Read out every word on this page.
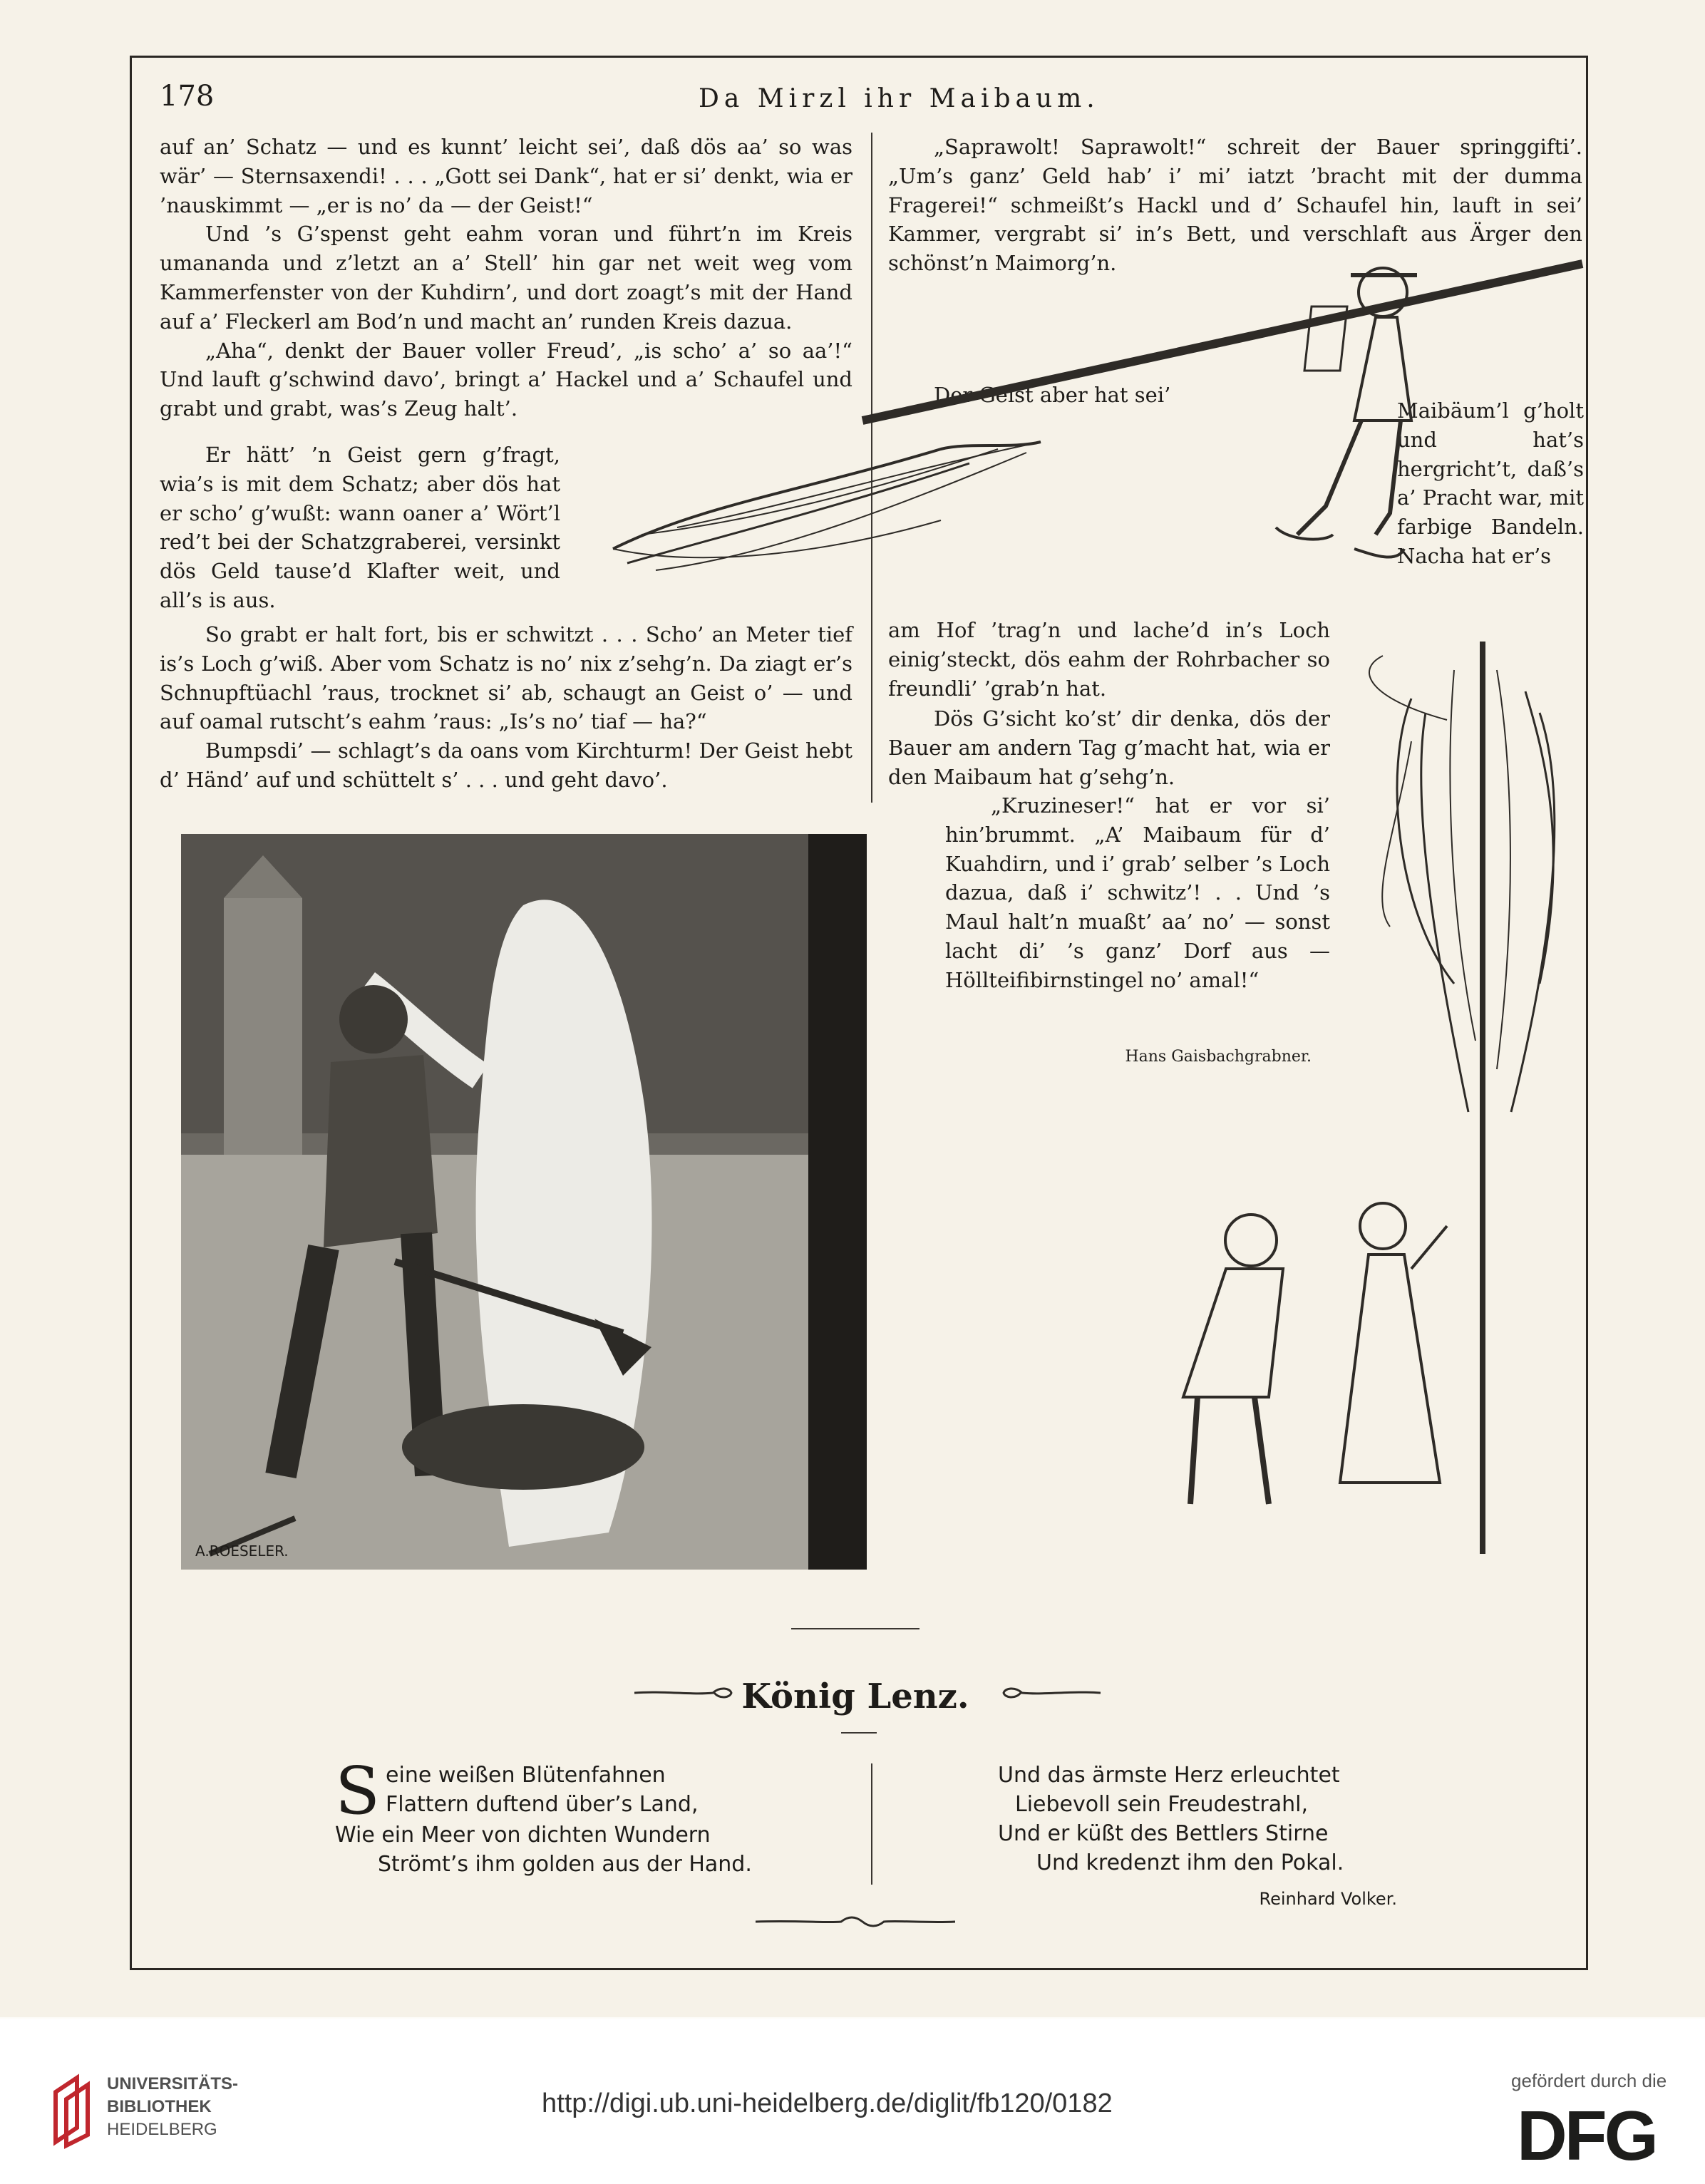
178	Da Mirzl ihr Maibaum.

auf an’ Schatz — und es kunnt’ leicht sei’, daß dös aa’ so was wär’ — Sternsaxendi! . . . „Gott sei Dank“, hat er si’ denkt, wia er ’nauskimmt — „er is no’ da — der Geist!“

Und ’s G’spenst geht eahm voran und führt’n im Kreis umananda und z’letzt an a’ Stell’ hin gar net weit weg vom Kammerfenster von der Kuhdirn’, und dort zoagt’s mit der Hand auf a’ Fleckerl am Bod’n und macht an’ runden Kreis dazua.

„Aha“, denkt der Bauer voller Freud’, „is scho’ a’ so aa’!“ Und lauft g’schwind davo’, bringt a’ Hackel und a’ Schaufel und grabt und grabt, was’s Zeug halt’.

Er hätt’ ’n Geist gern g’fragt, wia’s is mit dem Schatz; aber dös hat er scho’ g’wußt: wann oaner a’ Wört’l red’t bei der Schatzgraberei, versinkt dös Geld tause’d Klafter weit, und all’s is aus.

So grabt er halt fort, bis er schwitzt . . . Scho’ an Meter tief is’s Loch g’wiß. Aber vom Schatz is no’ nix z’sehg’n. Da ziagt er’s Schnupftüachl ’raus, trocknet si’ ab, schaugt an Geist o’ — und auf oamal rutscht’s eahm ’raus: „Is’s no’ tiaf — ha?“

Bumpsdi’ — schlagt’s da oans vom Kirchturm! Der Geist hebt d’ Händ’ auf und schüttelt s’ . . . und geht davo’.

„Saprawolt! Saprawolt!“ schreit der Bauer springgifti’. „Um’s ganz’ Geld hab’ i’ mi’ iatzt ’bracht mit der dumma Fragerei!“ schmeißt’s Hackl und d’ Schaufel hin, lauft in sei’ Kammer, vergrabt si’ in’s Bett, und verschlaft aus Ärger den schönst’n Maimorg’n.
Der Geist aber hat sei’
Maibäum’l g’holt und hat’s hergricht’t, daß’s a’ Pracht war, mit farbige Bandeln. Nacha hat er’s
am Hof ’trag’n und lache’d in’s Loch einig’steckt, dös eahm der Rohrbacher so freundli’ ’grab’n hat.
Dös G’sicht ko’st’ dir denka, dös der Bauer am andern Tag g’macht hat, wia er den Maibaum hat g’sehg’n.
„Kruzineser!“ hat er vor si’ hin’brummt. „A’ Maibaum für d’ Kuahdirn, und i’ grab’ selber ’s Loch dazua, daß i’ schwitz’! . . Und ’s Maul halt’n muaßt’ aa’ no’ — sonst lacht di’ ’s ganz’ Dorf aus — Höllteifibirnstingel no’ amal!“
Hans Gaisbachgrabner.
A.ROESELER.
König Lenz.
S eine weißen Blütenfahnen

Flattern duftend über’s Land,

Wie ein Meer von dichten Wundern

Strömt’s ihm golden aus der Hand.

Und das ärmste Herz erleuchtet

Liebevoll sein Freudestrahl,

Und er küßt des Bettlers Stirne

Und kredenzt ihm den Pokal.

Reinhard Volker.
UNIVERSITÄTS-
BIBLIOTHEK
HEIDELBERG
http://digi.ub.uni-heidelberg.de/diglit/fb120/0182
gefördert durch die
DFG
